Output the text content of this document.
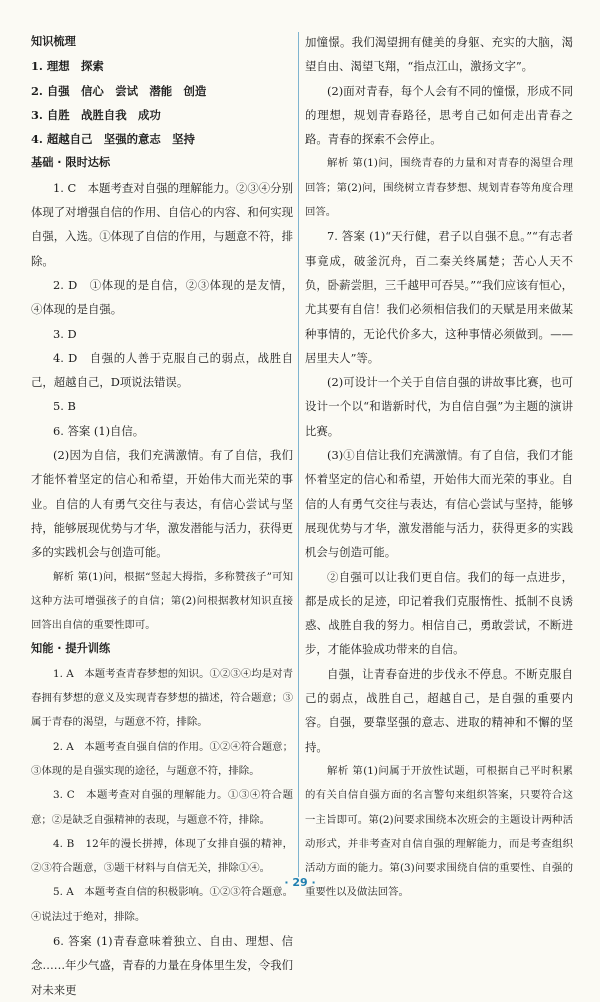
知识梳理

1. 理想　探索

2. 自强　信心　尝试　潜能　创造

3. 自胜　战胜自我　成功

4. 超越自己　坚强的意志　坚持

基础 · 限时达标

1. C　本题考查对自强的理解能力。②③④分别体现了对增强自信的作用、自信心的内容、和何实现自强，入选。①体现了自信的作用，与题意不符，排除。

2. D　①体现的是自信，②③体现的是友情，④体现的是自强。

3. D

4. D　自强的人善于克服自己的弱点，战胜自己，超越自己，D项说法错误。

5. B

6. 答案 (1)自信。

(2)因为自信，我们充满激情。有了自信，我们才能怀着坚定的信心和希望，开始伟大而光荣的事业。自信的人有勇气交往与表达，有信心尝试与坚持，能够展现优势与才华，激发潜能与活力，获得更多的实践机会与创造可能。

解析 第(1)问，根据“竖起大拇指，多称赞孩子”可知这种方法可增强孩子的自信；第(2)问根据教材知识直接回答出自信的重要性即可。

知能 · 提升训练

1. A　本题考查青春梦想的知识。①②③④均是对青春拥有梦想的意义及实现青春梦想的描述，符合题意；③属于青春的渴望，与题意不符，排除。

2. A　本题考查自强自信的作用。①②④符合题意；③体现的是自强实现的途径，与题意不符，排除。

3. C　本题考查对自强的理解能力。①③④符合题意；②是缺乏自强精神的表现，与题意不符，排除。

4. B　12年的漫长拼搏，体现了女排自强的精神，②③符合题意，③题干材料与自信无关，排除①④。

5. A　本题考查自信的积极影响。①②③符合题意。④说法过于绝对，排除。

6. 答案 (1)青春意味着独立、自由、理想、信念……年少气盛，青春的力量在身体里生发，令我们对未来更

加憧憬。我们渴望拥有健美的身躯、充实的大脑，渴望自由、渴望飞翔，“指点江山，激扬文字”。

(2)面对青春，每个人会有不同的憧憬，形成不同的理想，规划青春路径，思考自己如何走出青春之路。青春的探索不会停止。

解析 第(1)问，围绕青春的力量和对青春的渴望合理回答；第(2)问，围绕树立青春梦想、规划青春等角度合理回答。

7. 答案 (1)“天行健，君子以自强不息。”“有志者事竟成，破釜沉舟，百二秦关终属楚；苦心人天不负，卧薪尝胆，三千越甲可吞吴。”“我们应该有恒心，尤其要有自信！我们必须相信我们的天赋是用来做某种事情的，无论代价多大，这种事情必须做到。——居里夫人”等。

(2)可设计一个关于自信自强的讲故事比赛，也可设计一个以“和谐新时代，为自信自强”为主题的演讲比赛。

(3)①自信让我们充满激情。有了自信，我们才能怀着坚定的信心和希望，开始伟大而光荣的事业。自信的人有勇气交往与表达，有信心尝试与坚持，能够展现优势与才华，激发潜能与活力，获得更多的实践机会与创造可能。

②自强可以让我们更自信。我们的每一点进步，都是成长的足迹，印记着我们克服惰性、抵制不良诱惑、战胜自我的努力。相信自己，勇敢尝试，不断进步，才能体验成功带来的自信。

自强，让青春奋进的步伐永不停息。不断克服自己的弱点，战胜自己，超越自己，是自强的重要内容。自强，要靠坚强的意志、进取的精神和不懈的坚持。

解析 第(1)问属于开放性试题，可根据自己平时积累的有关自信自强方面的名言警句来组织答案，只要符合这一主旨即可。第(2)问要求围绕本次班会的主题设计两种活动形式，并非考查对自信自强的理解能力，而是考查组织活动方面的能力。第(3)问要求围绕自信的重要性、自强的重要性以及做法回答。

· 29 ·
